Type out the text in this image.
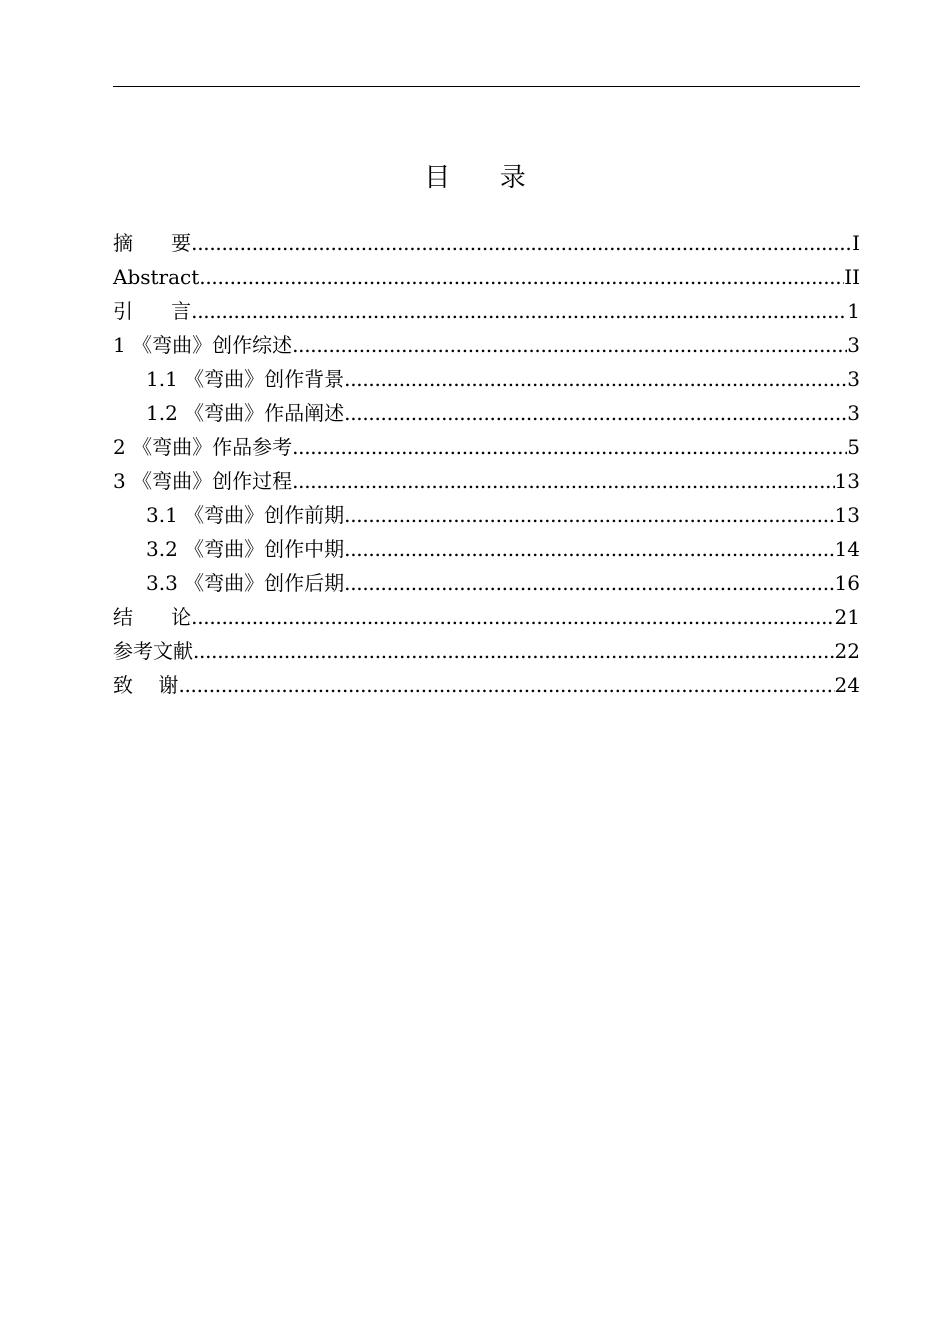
目      录
摘      要 .....	I
Abstract .....	II
引      言 .....	1
1 《弯曲》创作综述 .....	3
1.1 《弯曲》创作背景 .....	3
1.2 《弯曲》作品阐述 .....	3
2 《弯曲》作品参考 .....	5
3 《弯曲》创作过程 .....	13
3.1 《弯曲》创作前期 .....	13
3.2 《弯曲》创作中期 .....	14
3.3 《弯曲》创作后期 .....	16
结      论 .....	21
参考文献 .....	22
致    谢 .....	24
